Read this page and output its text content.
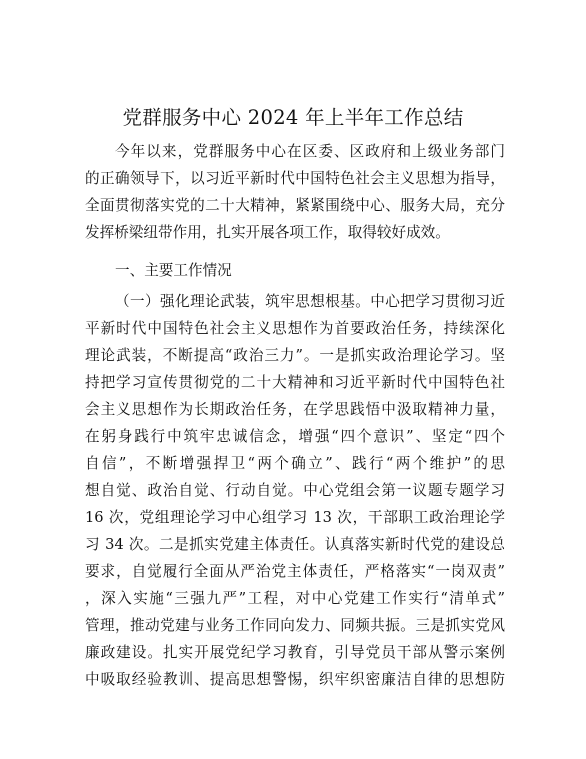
党群服务中心 2024 年上半年工作总结
今年以来，党群服务中心在区委、区政府和上级业务部门
的正确领导下，以习近平新时代中国特色社会主义思想为指导，
全面贯彻落实党的二十大精神，紧紧围绕中心、服务大局，充分
发挥桥梁纽带作用，扎实开展各项工作，取得较好成效。
一、主要工作情况
（一）强化理论武装，筑牢思想根基。中心把学习贯彻习近
平新时代中国特色社会主义思想作为首要政治任务，持续深化
理论武装，不断提高“政治三力”。一是抓实政治理论学习。坚
持把学习宣传贯彻党的二十大精神和习近平新时代中国特色社
会主义思想作为长期政治任务，在学思践悟中汲取精神力量，
在躬身践行中筑牢忠诚信念，增强“四个意识”、坚定“四个
自信”，不断增强捍卫“两个确立”、践行“两个维护”的思
想自觉、政治自觉、行动自觉。中心党组会第一议题专题学习
16 次，党组理论学习中心组学习 13 次，干部职工政治理论学
习 34 次。二是抓实党建主体责任。认真落实新时代党的建设总
要求，自觉履行全面从严治党主体责任，严格落实“一岗双责”
，深入实施“三强九严”工程，对中心党建工作实行“清单式”
管理，推动党建与业务工作同向发力、同频共振。三是抓实党风
廉政建设。扎实开展党纪学习教育，引导党员干部从警示案例
中吸取经验教训、提高思想警惕，织牢织密廉洁自律的思想防
